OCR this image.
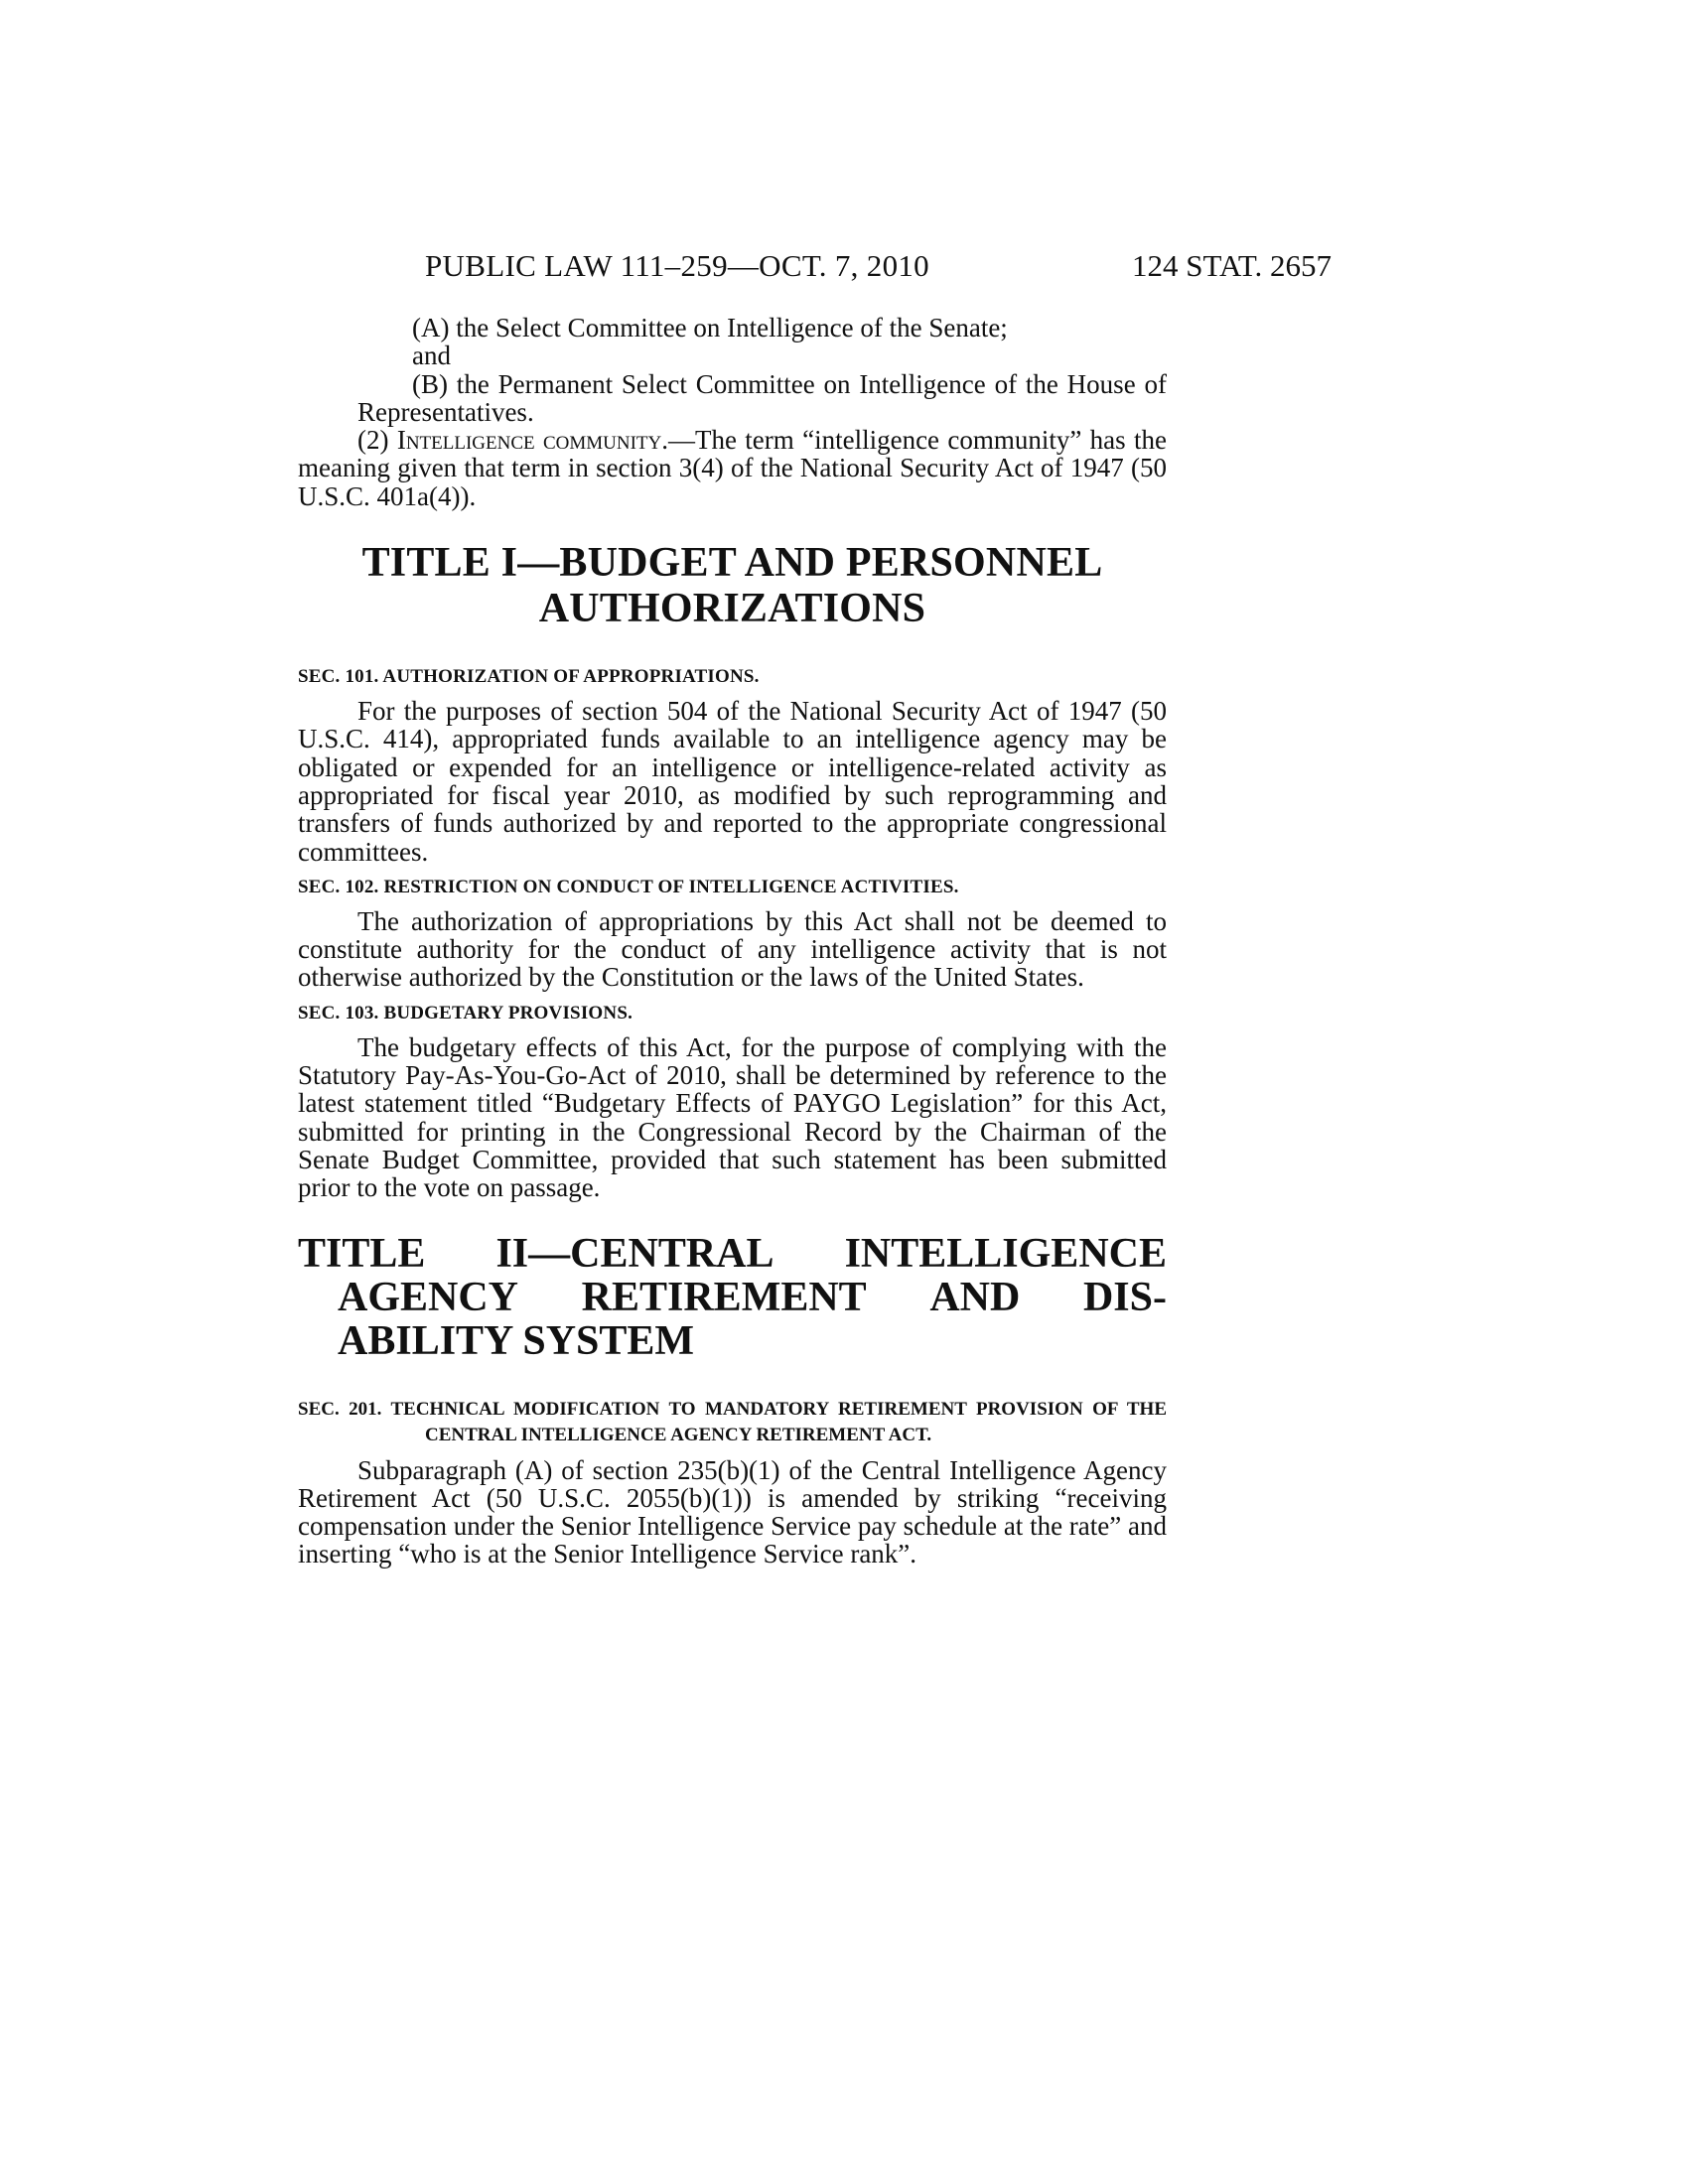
PUBLIC LAW 111–259—OCT. 7, 2010	124 STAT. 2657

(A) the Select Committee on Intelligence of the Senate;

and

(B) the Permanent Select Committee on Intelligence of the House of Representatives.

(2) Intelligence community.—The term “intelligence community” has the meaning given that term in section 3(4) of the National Security Act of 1947 (50 U.S.C. 401a(4)).

TITLE I—BUDGET AND PERSONNEL

AUTHORIZATIONS

SEC. 101. AUTHORIZATION OF APPROPRIATIONS.

For the purposes of section 504 of the National Security Act of 1947 (50 U.S.C. 414), appropriated funds available to an intelligence agency may be obligated or expended for an intelligence or intelligence-related activity as appropriated for fiscal year 2010, as modified by such reprogramming and transfers of funds authorized by and reported to the appropriate congressional committees.

SEC. 102. RESTRICTION ON CONDUCT OF INTELLIGENCE ACTIVITIES.

The authorization of appropriations by this Act shall not be deemed to constitute authority for the conduct of any intelligence activity that is not otherwise authorized by the Constitution or the laws of the United States.

SEC. 103. BUDGETARY PROVISIONS.

The budgetary effects of this Act, for the purpose of complying with the Statutory Pay-As-You-Go-Act of 2010, shall be determined by reference to the latest statement titled “Budgetary Effects of PAYGO Legislation” for this Act, submitted for printing in the Congressional Record by the Chairman of the Senate Budget Committee, provided that such statement has been submitted prior to the vote on passage.

TITLE II—CENTRAL INTELLIGENCE
AGENCY RETIREMENT AND DIS-
ABILITY SYSTEM

SEC. 201. TECHNICAL MODIFICATION TO MANDATORY RETIREMENT PROVISION OF THE CENTRAL INTELLIGENCE AGENCY RETIREMENT ACT.

Subparagraph (A) of section 235(b)(1) of the Central Intelligence Agency Retirement Act (50 U.S.C. 2055(b)(1)) is amended by striking “receiving compensation under the Senior Intelligence Service pay schedule at the rate” and inserting “who is at the Senior Intelligence Service rank”.
